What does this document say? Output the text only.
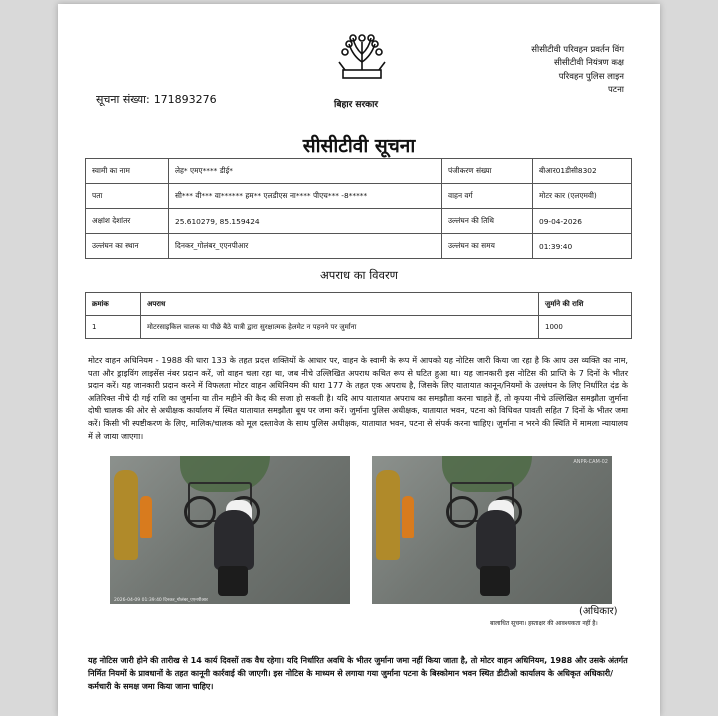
बिहार सरकार
सूचना संख्या: 171893276
सीसीटीवी परिवहन प्रवर्तन विंग
सीसीटीवी नियंत्रण कक्ष
परिवहन पुलिस लाइन
पटना
सीसीटीवी सूचना
स्वामी का नाम	लेह* एमए**** डीई*	पंजीकरण संख्या	बीआर01डीसी8302
पता	सी*** वी*** वा****** हम** एलडीएस ना**** पीएच*** -8*****	वाहन वर्ग	मोटर कार (एलएमवी)
अक्षांश देशांतर	25.610279, 85.159424	उल्लंघन की तिथि	09-04-2026
उल्लंघन का स्थान	दिनकर_गोलंबर_एएनपीआर	उल्लंघन का समय	01:39:40
अपराध का विवरण
क्रमांक	अपराध	जुर्माने की राशि
1	मोटरसाइकिल चालक या पीछे बैठे यात्री द्वारा सुरक्षात्मक हेलमेट न पहनने पर जुर्माना	1000
मोटर वाहन अधिनियम - 1988 की धारा 133 के तहत प्रदत्त शक्तियों के आधार पर, वाहन के स्वामी के रूप में आपको यह नोटिस जारी किया जा रहा है कि आप उस व्यक्ति का नाम, पता और ड्राइविंग लाइसेंस नंबर प्रदान करें, जो वाहन चला रहा था, जब नीचे उल्लिखित अपराध कथित रूप से घटित हुआ था। यह जानकारी इस नोटिस की प्राप्ति के 7 दिनों के भीतर प्रदान करें। यह जानकारी प्रदान करने में विफलता मोटर वाहन अधिनियम की धारा 177 के तहत एक अपराध है, जिसके लिए यातायात कानून/नियमों के उल्लंघन के लिए निर्धारित दंड के अतिरिक्त नीचे दी गई राशि का जुर्माना या तीन महीने की कैद की सजा हो सकती है। यदि आप यातायात अपराध का समझौता करना चाहते हैं, तो कृपया नीचे उल्लिखित समझौता जुर्माना दोषी चालक की ओर से अधीक्षक कार्यालय में स्थित यातायात समझौता बूथ पर जमा करें। जुर्माना पुलिस अधीक्षक, यातायात भवन, पटना को विधिवत पावती सहित 7 दिनों के भीतर जमा करें। किसी भी स्पष्टीकरण के लिए, मालिक/चालक को मूल दस्तावेज के साथ पुलिस अधीक्षक, यातायात भवन, पटना से संपर्क करना चाहिए। जुर्माना न भरने की स्थिति में मामला न्यायालय में ले जाया जाएगा।
2026-04-09 01:39:40 दिनकर_गोलंबर_एएनपीआर
ANPR-CAM-02
(अधिकार)
बालाधित सूचना। हस्ताक्षर की आवश्यकता नहीं है।
यह नोटिस जारी होने की तारीख से 14 कार्य दिवसों तक वैध रहेगा। यदि निर्धारित अवधि के भीतर जुर्माना जमा नहीं किया जाता है, तो मोटर वाहन अधिनियम, 1988 और उसके अंतर्गत निर्मित नियमों के प्रावधानों के तहत कानूनी कार्रवाई की जाएगी। इस नोटिस के माध्यम से लगाया गया जुर्माना पटना के बिस्कोमान भवन स्थित डीटीओ कार्यालय के अधिकृत अधिकारी/कर्मचारी के समक्ष जमा किया जाना चाहिए।
